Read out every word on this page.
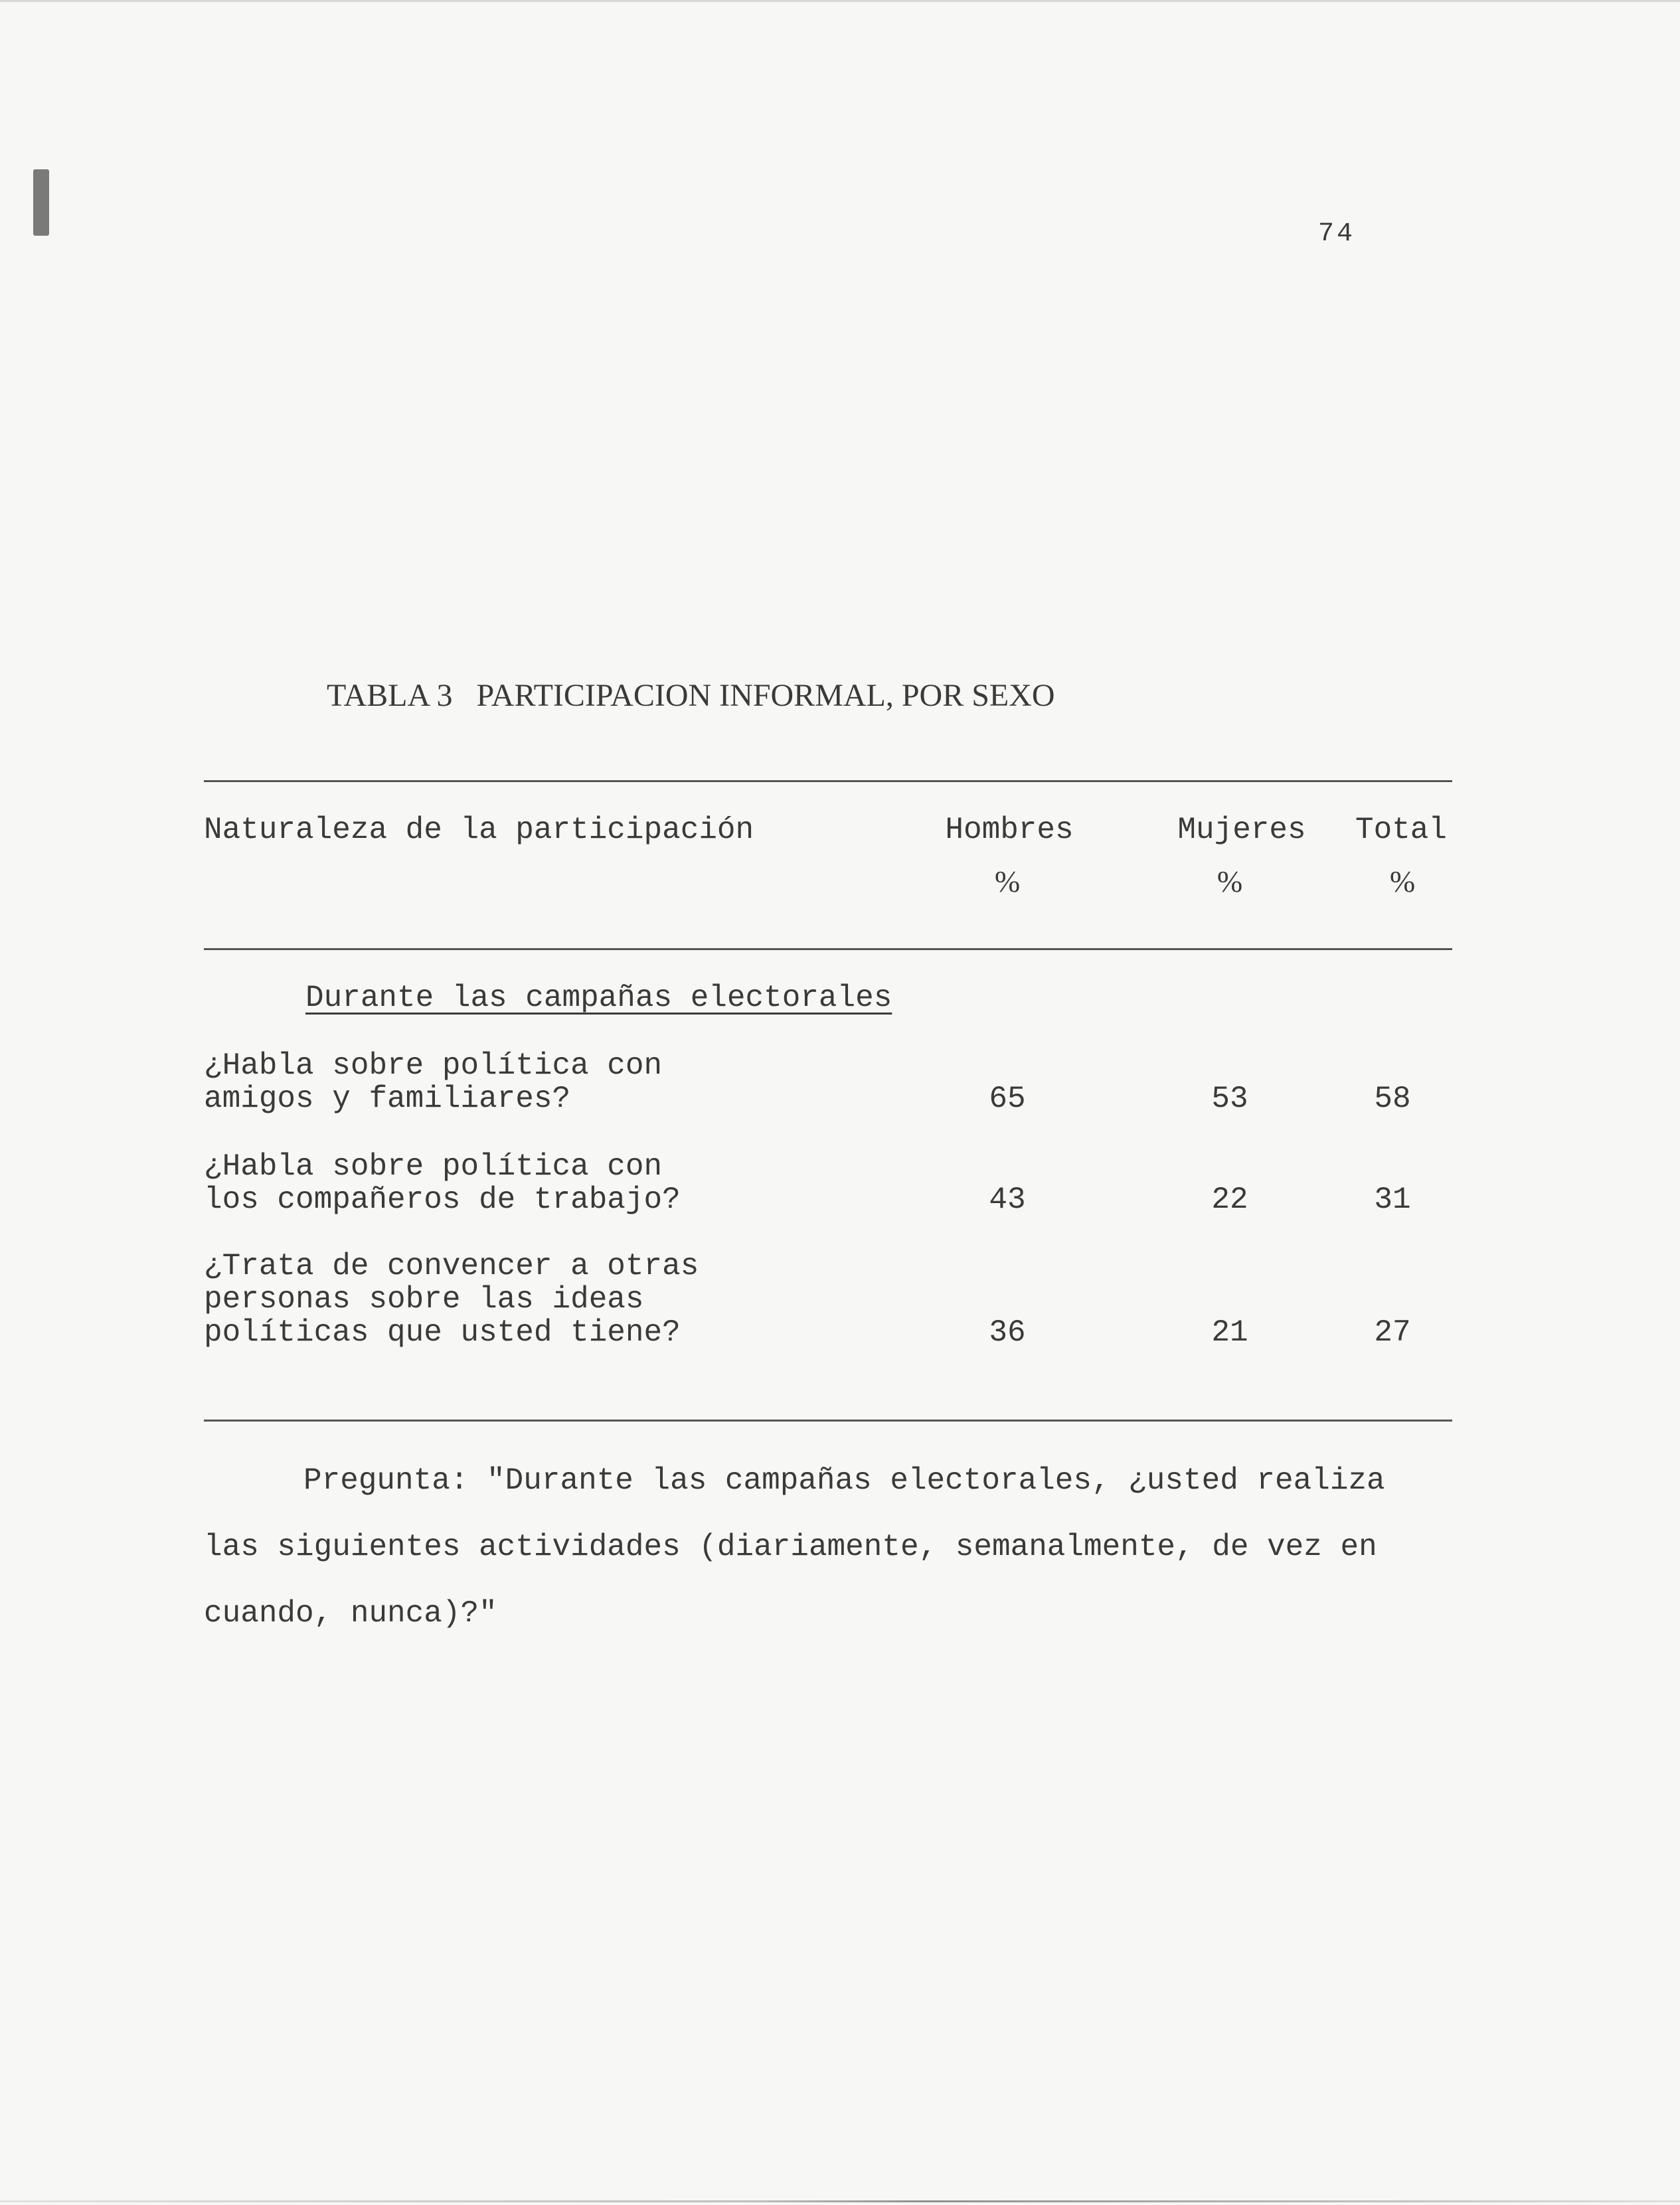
74
TABLA 3   PARTICIPACION INFORMAL, POR SEXO
Naturaleza de la participación	Hombres	Mujeres	Total
%	%	%
Durante las campañas electorales
¿Habla sobre política con
amigos y familiares?	65	53	58
¿Habla sobre política con
los compañeros de trabajo?	43	22	31
¿Trata de convencer a otras
personas sobre las ideas
políticas que usted tiene?	36	21	27
Pregunta: "Durante las campañas electorales, ¿usted realiza las siguientes actividades (diariamente, semanalmente, de vez en cuando, nunca)?"
